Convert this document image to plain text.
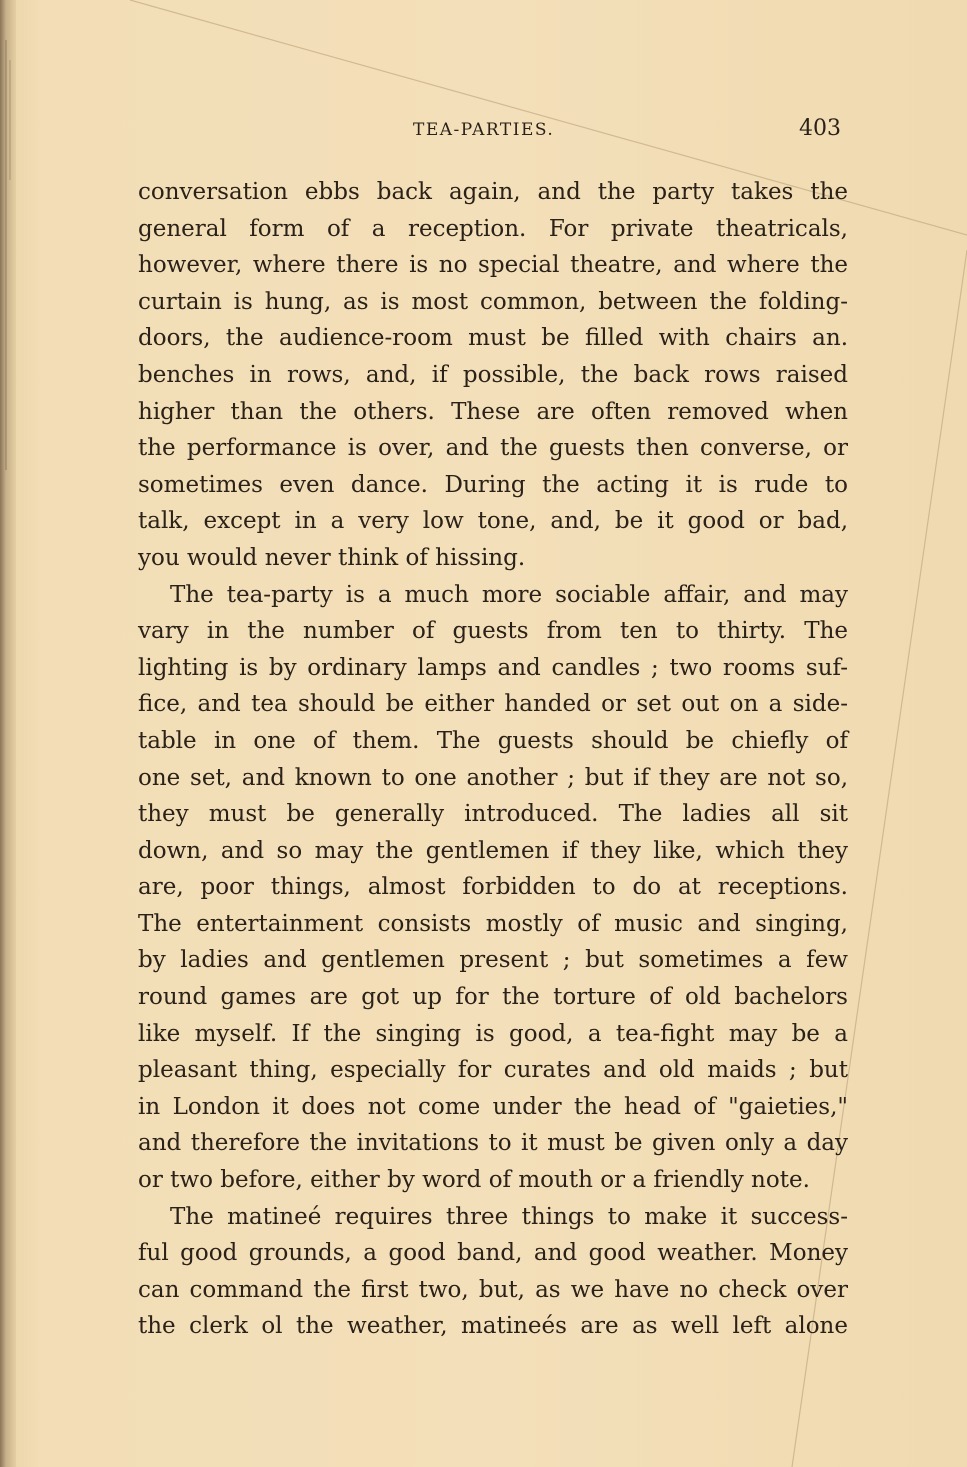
TEA-PARTIES.	403
conversation ebbs back again, and the party takes the
general form of a reception. For private theatricals,
however, where there is no special theatre, and where the
curtain is hung, as is most common, between the folding-
doors, the audience-room must be filled with chairs an.
benches in rows, and, if possible, the back rows raised
higher than the others. These are often removed when
the performance is over, and the guests then converse, or
sometimes even dance. During the acting it is rude to
talk, except in a very low tone, and, be it good or bad,
you would never think of hissing.
The tea-party is a much more sociable affair, and may
vary in the number of guests from ten to thirty. The
lighting is by ordinary lamps and candles ; two rooms suf-
fice, and tea should be either handed or set out on a side-
table in one of them. The guests should be chiefly of
one set, and known to one another ; but if they are not so,
they must be generally introduced. The ladies all sit
down, and so may the gentlemen if they like, which they
are, poor things, almost forbidden to do at receptions.
The entertainment consists mostly of music and singing,
by ladies and gentlemen present ; but sometimes a few
round games are got up for the torture of old bachelors
like myself. If the singing is good, a tea-fight may be a
pleasant thing, especially for curates and old maids ; but
in London it does not come under the head of "gaieties,"
and therefore the invitations to it must be given only a day
or two before, either by word of mouth or a friendly note.
The matineé requires three things to make it success-
ful good grounds, a good band, and good weather. Money
can command the first two, but, as we have no check over
the clerk ol the weather, matineés are as well left alone
